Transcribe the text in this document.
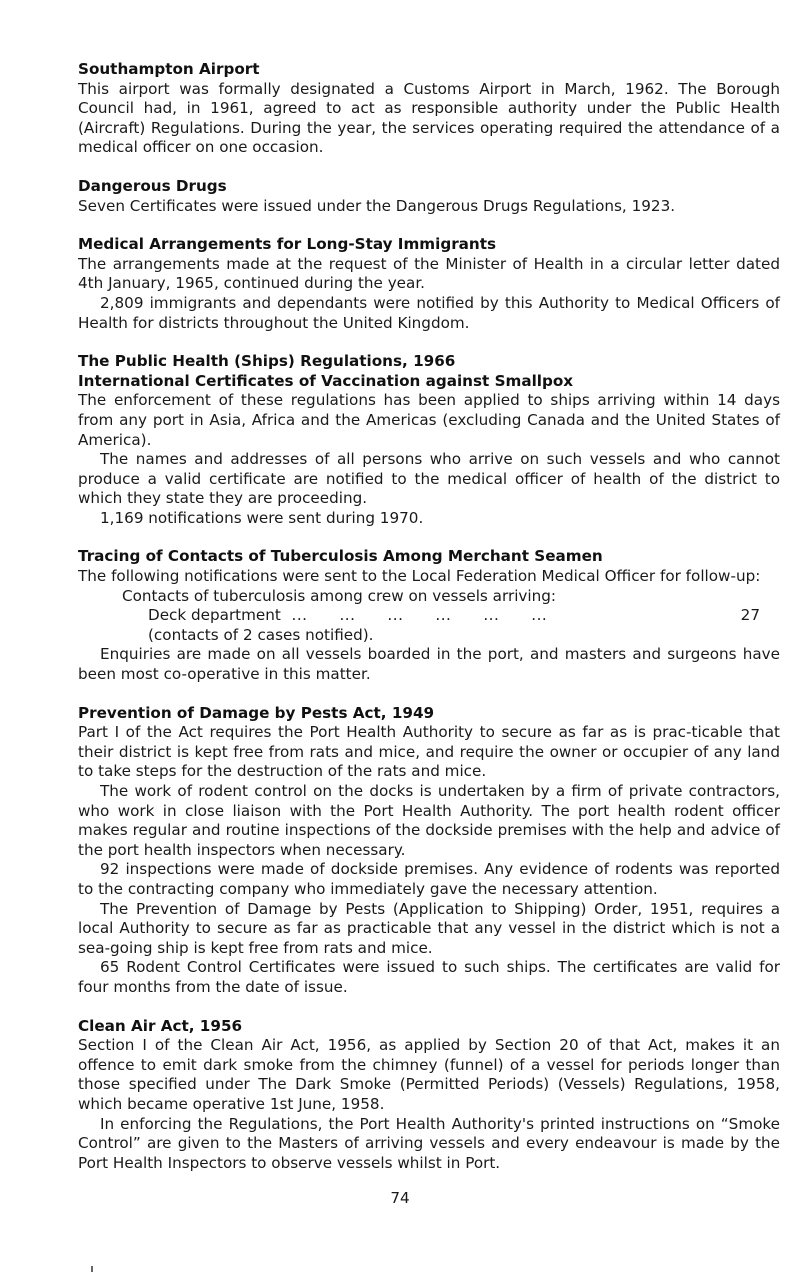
Southampton Airport

This airport was formally designated a Customs Airport in March, 1962. The Borough Council had, in 1961, agreed to act as responsible authority under the Public Health (Aircraft) Regulations. During the year, the services operating required the attendance of a medical officer on one occasion.

Dangerous Drugs

Seven Certificates were issued under the Dangerous Drugs Regulations, 1923.

Medical Arrangements for Long-Stay Immigrants

The arrangements made at the request of the Minister of Health in a circular letter dated 4th January, 1965, continued during the year.

2,809 immigrants and dependants were notified by this Authority to Medical Officers of Health for districts throughout the United Kingdom.

The Public Health (Ships) Regulations, 1966
International Certificates of Vaccination against Smallpox

The enforcement of these regulations has been applied to ships arriving within 14 days from any port in Asia, Africa and the Americas (excluding Canada and the United States of America).

The names and addresses of all persons who arrive on such vessels and who cannot produce a valid certificate are notified to the medical officer of health of the district to which they state they are proceeding.

1,169 notifications were sent during 1970.

Tracing of Contacts of Tuberculosis Among Merchant Seamen

The following notifications were sent to the Local Federation Medical Officer for follow-up:

Contacts of tuberculosis among crew on vessels arriving:

Deck department ...      ...      ...      ...      ...      ...	27

(contacts of 2 cases notified).

Enquiries are made on all vessels boarded in the port, and masters and surgeons have been most co-operative in this matter.

Prevention of Damage by Pests Act, 1949

Part I of the Act requires the Port Health Authority to secure as far as is prac-ticable that their district is kept free from rats and mice, and require the owner or occupier of any land to take steps for the destruction of the rats and mice.

The work of rodent control on the docks is undertaken by a firm of private contractors, who work in close liaison with the Port Health Authority. The port health rodent officer makes regular and routine inspections of the dockside premises with the help and advice of the port health inspectors when necessary.

92 inspections were made of dockside premises. Any evidence of rodents was reported to the contracting company who immediately gave the necessary attention.

The Prevention of Damage by Pests (Application to Shipping) Order, 1951, requires a local Authority to secure as far as practicable that any vessel in the district which is not a sea-going ship is kept free from rats and mice.

65 Rodent Control Certificates were issued to such ships. The certificates are valid for four months from the date of issue.

Clean Air Act, 1956

Section I of the Clean Air Act, 1956, as applied by Section 20 of that Act, makes it an offence to emit dark smoke from the chimney (funnel) of a vessel for periods longer than those specified under The Dark Smoke (Permitted Periods) (Vessels) Regulations, 1958, which became operative 1st June, 1958.

In enforcing the Regulations, the Port Health Authority's printed instructions on “Smoke Control” are given to the Masters of arriving vessels and every endeavour is made by the Port Health Inspectors to observe vessels whilst in Port.

74
